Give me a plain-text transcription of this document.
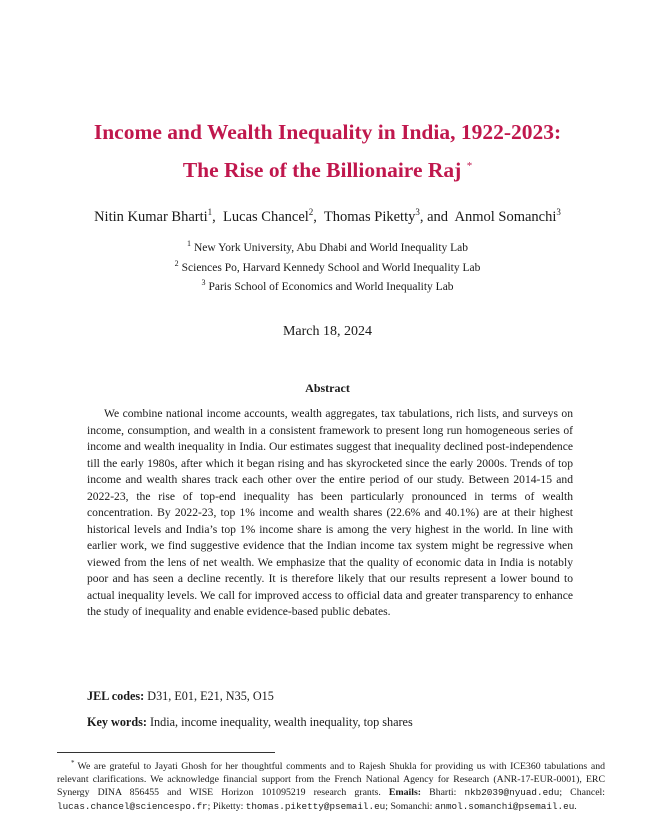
Income and Wealth Inequality in India, 1922-2023:
The Rise of the Billionaire Raj *
Nitin Kumar Bharti$^1$,  Lucas Chancel$^2$,  Thomas Piketty$^3$, and  Anmol Somanchi$^3$
$^1$ New York University, Abu Dhabi and World Inequality Lab
$^2$ Sciences Po, Harvard Kennedy School and World Inequality Lab
$^3$ Paris School of Economics and World Inequality Lab
March 18, 2024
Abstract

We combine national income accounts, wealth aggregates, tax tabulations, rich lists, and surveys on income, consumption, and wealth in a consistent framework to present long run homogeneous series of income and wealth inequality in India. Our estimates suggest that inequality declined post-independence till the early 1980s, after which it began rising and has skyrocketed since the early 2000s. Trends of top income and wealth shares track each other over the entire period of our study. Between 2014-15 and 2022-23, the rise of top-end inequality has been particularly pronounced in terms of wealth concentration. By 2022-23, top 1% income and wealth shares (22.6% and 40.1%) are at their highest historical levels and India’s top 1% income share is among the very highest in the world. In line with earlier work, we find suggestive evidence that the Indian income tax system might be regressive when viewed from the lens of net wealth. We emphasize that the quality of economic data in India is notably poor and has seen a decline recently. It is therefore likely that our results represent a lower bound to actual inequality levels. We call for improved access to official data and greater transparency to enhance the study of inequality and enable evidence-based public debates.

JEL codes: D31, E01, E21, N35, O15
Key words: India, income inequality, wealth inequality, top shares

* We are grateful to Jayati Ghosh for her thoughtful comments and to Rajesh Shukla for providing us with ICE360 tabulations and relevant clarifications. We acknowledge financial support from the French National Agency for Research (ANR-17-EUR-0001), ERC Synergy DINA 856455 and WISE Horizon 101095219 research grants. Emails: Bharti: nkb2039@nyuad.edu; Chancel: lucas.chancel@sciencespo.fr; Piketty: thomas.piketty@psemail.eu; Somanchi: anmol.somanchi@psemail.eu.
